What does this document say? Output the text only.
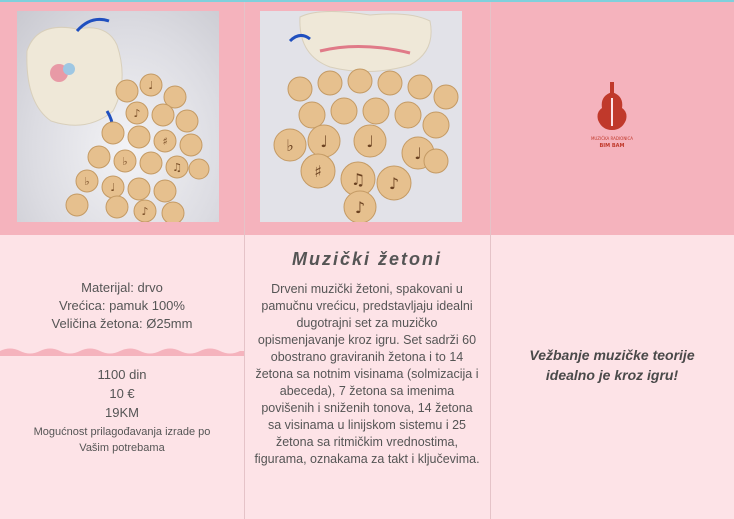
♩
♪
♯
♭	♫
♩
♪
♭
♭ ♩
♯ ♫ ♪
♩
♪
♩
MUZIČKA RADIONICA
BIM BAM
Materijal: drvo
Vrećica: pamuk 100%
Veličina žetona: Ø25mm
1100 din
10 €
19KM
Mogućnost prilagođavanja izrade po Vašim potrebama
Muzički žetoni
Drveni muzički žetoni, spakovani u pamučnu vrećicu, predstavljaju idealni dugotrajni set za muzičko opismenjavanje kroz igru. Set sadrži 60 obostrano graviranih žetona i to 14 žetona sa notnim visinama (solmizacija i abeceda), 7 žetona sa imenima povišenih i sniženih tonova, 14 žetona sa visinama u linijskom sistemu i 25 žetona sa ritmičkim vrednostima, figurama, oznakama za takt i ključevima.
Vežbanje muzičke teorije idealno je kroz igru!
